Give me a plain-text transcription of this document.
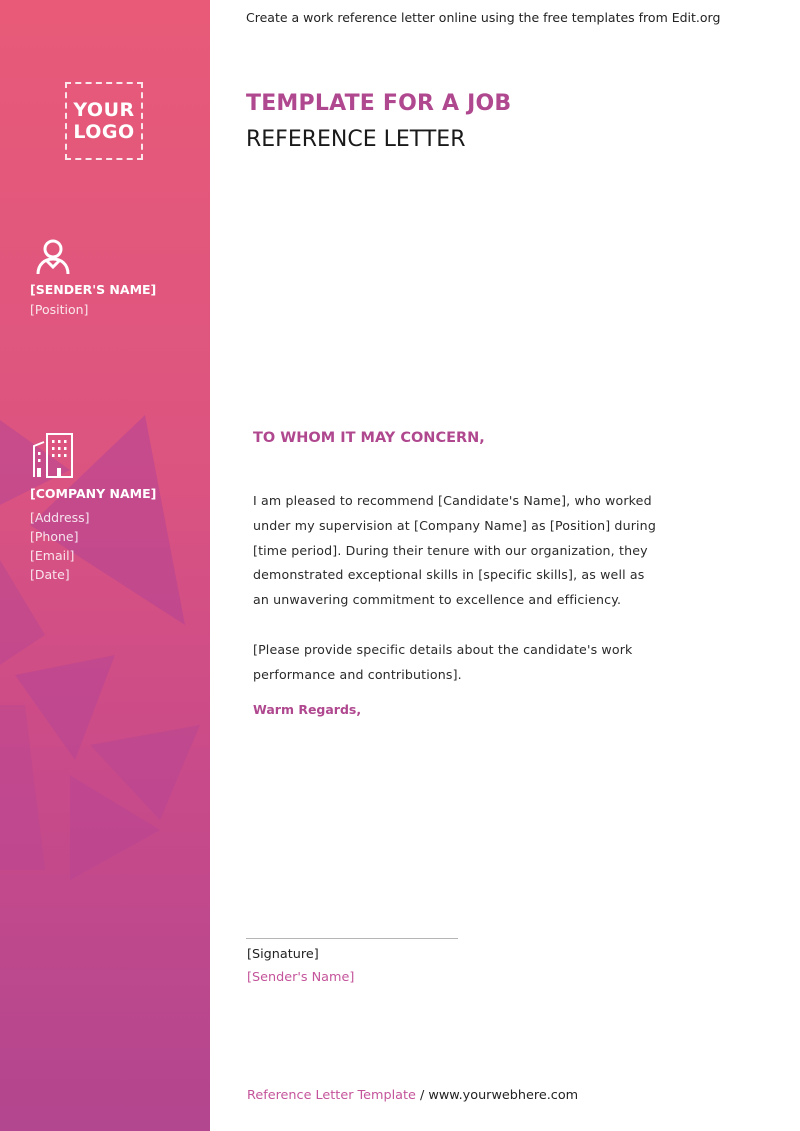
YOUR
LOGO
[SENDER'S NAME]
[Position]
[COMPANY NAME]
[Address]
[Phone]
[Email]
[Date]
Create a work reference letter online using the free templates from Edit.org
TEMPLATE FOR A JOB
REFERENCE LETTER
TO WHOM IT MAY CONCERN,
I am pleased to recommend [Candidate's Name], who worked
under my supervision at [Company Name] as [Position] during
[time period]. During their tenure with our organization, they
demonstrated exceptional skills in [specific skills], as well as
an unwavering commitment to excellence and efficiency.
[Please provide specific details about the candidate's work
performance and contributions].
Warm Regards,
[Signature]
[Sender's Name]
Reference Letter Template / www.yourwebhere.com
